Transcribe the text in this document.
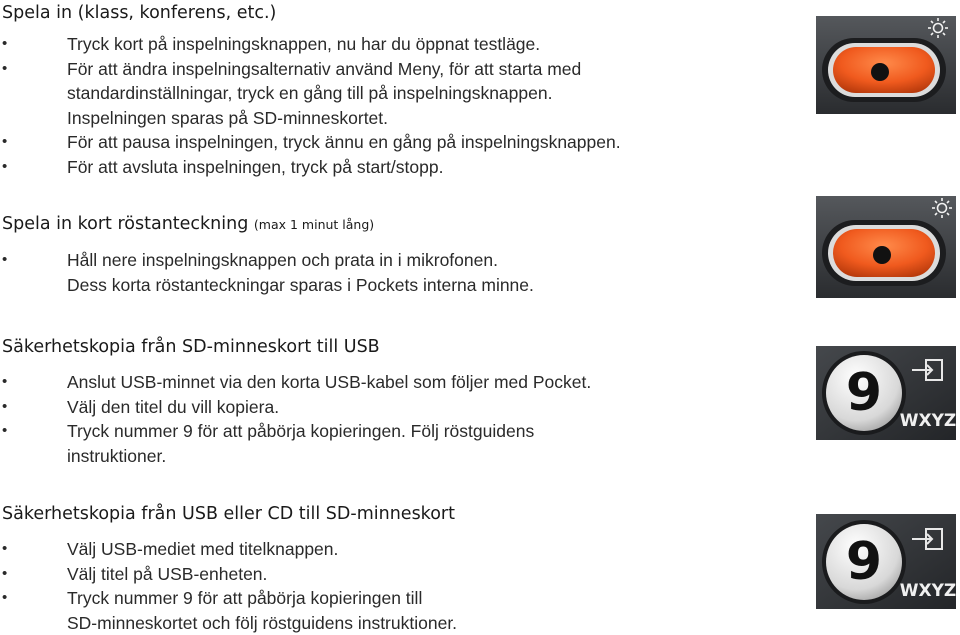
Spela in (klass, konferens, etc.)
•	Tryck kort på inspelningsknappen, nu har du öppnat testläge.
•	För att ändra inspelningsalternativ använd Meny, för att starta med
standardinställningar, tryck en gång till på inspelningsknappen.
Inspelningen sparas på SD-minneskortet.
•	För att pausa inspelningen, tryck ännu en gång på inspelningsknappen.
•	För att avsluta inspelningen, tryck på start/stopp.
Spela in kort röstanteckning (max 1 minut lång)
•	Håll nere inspelningsknappen och prata in i mikrofonen.
Dess korta röstanteckningar sparas i Pockets interna minne.
Säkerhetskopia från SD-minneskort till USB
•	Anslut USB-minnet via den korta USB-kabel som följer med Pocket.
•	Välj den titel du vill kopiera.
•	Tryck nummer 9 för att påbörja kopieringen. Följ röstguidens
instruktioner.
Säkerhetskopia från USB eller CD till SD-minneskort
•	Välj USB-mediet med titelknappen.
•	Välj titel på USB-enheten.
•	Tryck nummer 9 för att påbörja kopieringen till
SD-minneskortet och följ röstguidens instruktioner.
9 WXYZ
9 WXYZ
